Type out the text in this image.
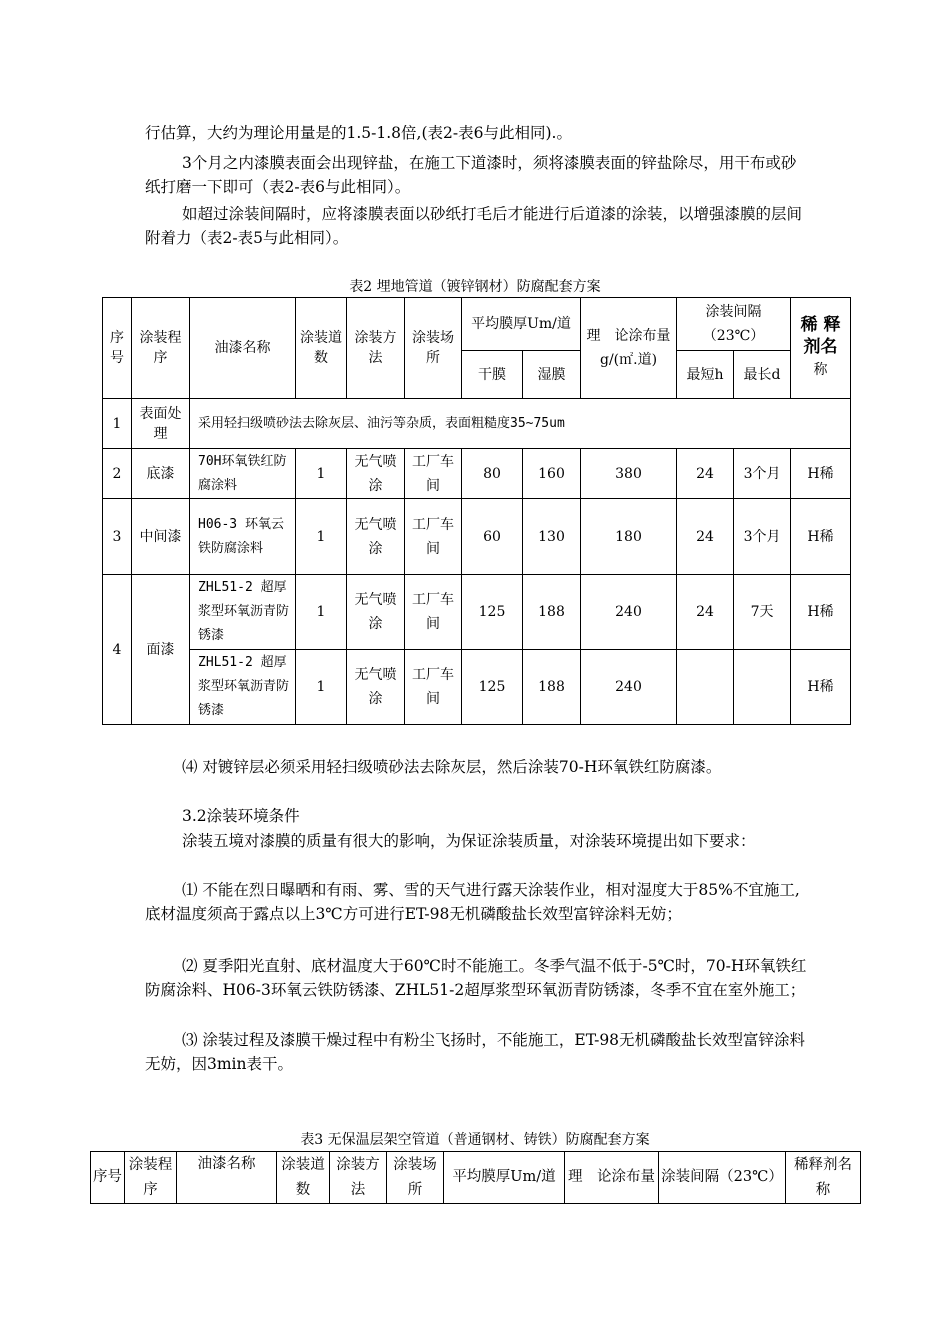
行估算，大约为理论用量是的1.5-1.8倍,(表2-表6与此相同).。

3个月之内漆膜表面会出现锌盐，在施工下道漆时，须将漆膜表面的锌盐除尽，用干布或砂纸打磨一下即可（表2-表6与此相同）。

如超过涂装间隔时，应将漆膜表面以砂纸打毛后才能进行后道漆的涂装，以增强漆膜的层间附着力（表2-表5与此相同）。

表2 埋地管道（镀锌钢材）防腐配套方案
序号	涂装程序	油漆名称	涂装道数	涂装方法	涂装场所	平均膜厚Um/道		理　论涂布量g/(㎡.道)	涂装间隔（23℃）		稀 释剂名
称
						干膜	湿膜		最短h	最长d	
1	表面处理	采用轻扫级喷砂法去除灰层、油污等杂质，表面粗糙度35~75um									
2	底漆	70H环氧铁红防腐涂料	1	无气喷涂	工厂车间	80	160	380	24	3个月	H稀
3	中间漆	H06-3 环氧云铁防腐涂料	1	无气喷涂	工厂车间	60	130	180	24	3个月	H稀
4	面漆	ZHL51-2 超厚浆型环氧沥青防锈漆	1	无气喷涂	工厂车间	125	188	240	24	7天	H稀
		ZHL51-2 超厚浆型环氧沥青防锈漆	1	无气喷涂	工厂车间	125	188	240			H稀

⑷ 对镀锌层必须采用轻扫级喷砂法去除灰层，然后涂装70-H环氧铁红防腐漆。

3.2涂装环境条件

涂装五境对漆膜的质量有很大的影响，为保证涂装质量，对涂装环境提出如下要求：

⑴ 不能在烈日曝晒和有雨、雾、雪的天气进行露天涂装作业，相对湿度大于85%不宜施工,底材温度须高于露点以上3℃方可进行ET-98无机磷酸盐长效型富锌涂料无妨；

⑵ 夏季阳光直射、底材温度大于60℃时不能施工。冬季气温不低于-5℃时，70-H环氧铁红防腐涂料、H06-3环氧云铁防锈漆、ZHL51-2超厚浆型环氧沥青防锈漆，冬季不宜在室外施工；

⑶ 涂装过程及漆膜干燥过程中有粉尘飞扬时，不能施工，ET-98无机磷酸盐长效型富锌涂料无妨，因3min表干。

表3 无保温层架空管道（普通钢材、铸铁）防腐配套方案
序号	涂装程序	油漆名称	涂装道数	涂装方法	涂装场所	平均膜厚Um/道	理　论涂布量	涂装间隔（23℃）	稀释剂名 称
